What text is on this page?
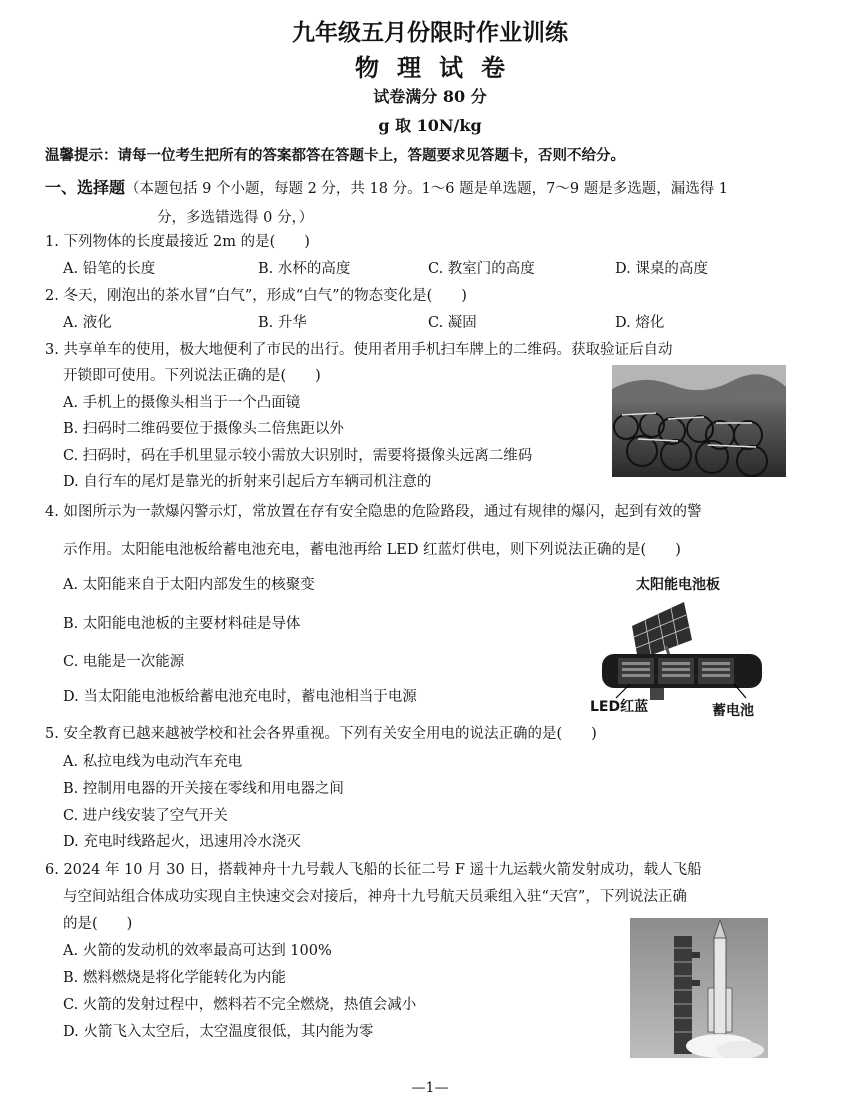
九年级五月份限时作业训练
物理试卷
试卷满分 80 分
g 取 10N/kg
温馨提示：请每一位考生把所有的答案都答在答题卡上，答题要求见答题卡，否则不给分。
一、选择题（本题包括 9 个小题，每题 2 分，共 18 分。1～6 题是单选题，7～9 题是多选题，漏选得 1
分，多选错选得 0 分，）
1. 下列物体的长度最接近 2m 的是(　　)
A. 铅笔的长度	B. 水杯的高度	C. 教室门的高度	D. 课桌的高度
2. 冬天，刚泡出的茶水冒“白气”，形成“白气”的物态变化是(　　)
A. 液化	B. 升华	C. 凝固	D. 熔化
3. 共享单车的使用，极大地便利了市民的出行。使用者用手机扫车牌上的二维码。获取验证后自动
开锁即可使用。下列说法正确的是(　　)
A. 手机上的摄像头相当于一个凸面镜
B. 扫码时二维码要位于摄像头二倍焦距以外
C. 扫码时，码在手机里显示较小需放大识别时，需要将摄像头远离二维码
D. 自行车的尾灯是靠光的折射来引起后方车辆司机注意的
4. 如图所示为一款爆闪警示灯，常放置在存有安全隐患的危险路段，通过有规律的爆闪，起到有效的警
示作用。太阳能电池板给蓄电池充电，蓄电池再给 LED 红蓝灯供电，则下列说法正确的是(　　)
A. 太阳能来自于太阳内部发生的核聚变
B. 太阳能电池板的主要材料硅是导体
C. 电能是一次能源
D. 当太阳能电池板给蓄电池充电时，蓄电池相当于电源
太阳能电池板
LED红蓝	蓄电池
5. 安全教育已越来越被学校和社会各界重视。下列有关安全用电的说法正确的是(　　)
A. 私拉电线为电动汽车充电
B. 控制用电器的开关接在零线和用电器之间
C. 进户线安装了空气开关
D. 充电时线路起火，迅速用冷水浇灭
6. 2024 年 10 月 30 日，搭载神舟十九号载人飞船的长征二号 F 遥十九运载火箭发射成功，载人飞船
与空间站组合体成功实现自主快速交会对接后，神舟十九号航天员乘组入驻“天宫”，下列说法正确
的是(　　)
A. 火箭的发动机的效率最高可达到 100%
B. 燃料燃烧是将化学能转化为内能
C. 火箭的发射过程中，燃料若不完全燃烧，热值会减小
D. 火箭飞入太空后，太空温度很低，其内能为零
—1—
